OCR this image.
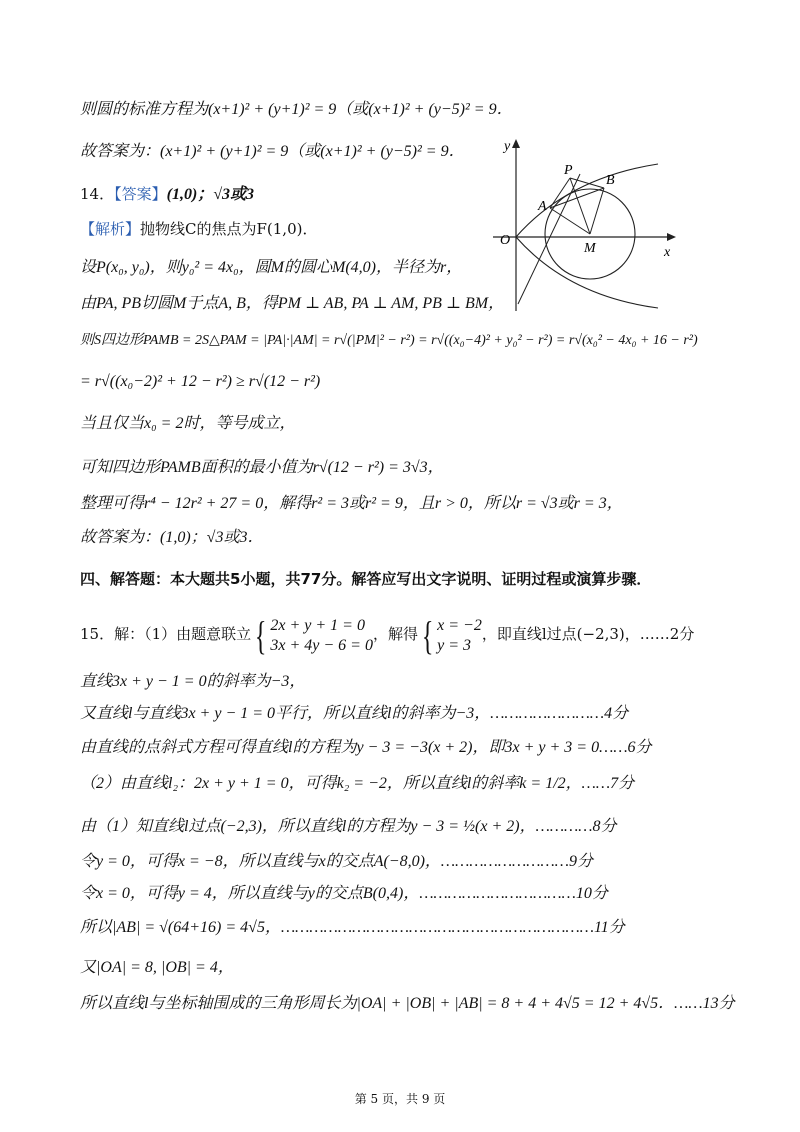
则圆的标准方程为(x+1)² + (y+1)² = 9（或(x+1)² + (y−5)² = 9．
故答案为：(x+1)² + (y+1)² = 9（或(x+1)² + (y−5)² = 9．
14．【答案】(1,0)；√3或3
【解析】抛物线C的焦点为F(1,0)．
设P(x₀, y₀)，则y₀² = 4x₀，圆M的圆心M(4,0)，半径为r，
由PA, PB切圆M于点A, B，得PM ⊥ AB, PA ⊥ AM, PB ⊥ BM，
则S四边形PAMB = 2S△PAM = |PA|·|AM| = r√(|PM|² − r²) = r√((x₀−4)² + y₀² − r²) = r√(x₀² − 4x₀ + 16 − r²)
= r√((x₀−2)² + 12 − r²) ≥ r√(12 − r²)
当且仅当x₀ = 2时，等号成立，
可知四边形PAMB面积的最小值为r√(12 − r²) = 3√3，
整理可得r⁴ − 12r² + 27 = 0，解得r² = 3或r² = 9，且r > 0，所以r = √3或r = 3，
故答案为：(1,0)；√3或3．
四、解答题：本大题共5小题，共77分。解答应写出文字说明、证明过程或演算步骤．
15．解：（1）由题意联立{ 2x + y + 1 = 0
3x + 4y − 6 = 0，解得{ x = −2
y = 3，即直线l过点(−2,3)，……2分
直线3x + y − 1 = 0的斜率为−3，
又直线l与直线3x + y − 1 = 0平行，所以直线l的斜率为−3，……………………4分
由直线的点斜式方程可得直线l的方程为y − 3 = −3(x + 2)，即3x + y + 3 = 0……6分
（2）由直线l₂：2x + y + 1 = 0，可得k₂ = −2，所以直线l的斜率k = 1/2，……7分
由（1）知直线l过点(−2,3)，所以直线l的方程为y − 3 = ½(x + 2)，…………8分
令y = 0，可得x = −8，所以直线与x的交点A(−8,0)，………………………9分
令x = 0，可得y = 4，所以直线与y的交点B(0,4)，……………………………10分
所以|AB| = √(64+16) = 4√5，…………………………………………………………11分
又|OA| = 8, |OB| = 4，
所以直线l与坐标轴围成的三角形周长为|OA| + |OB| + |AB| = 8 + 4 + 4√5 = 12 + 4√5．……13分
y
x
O
P
A
B
M
第 5 页，共 9 页
